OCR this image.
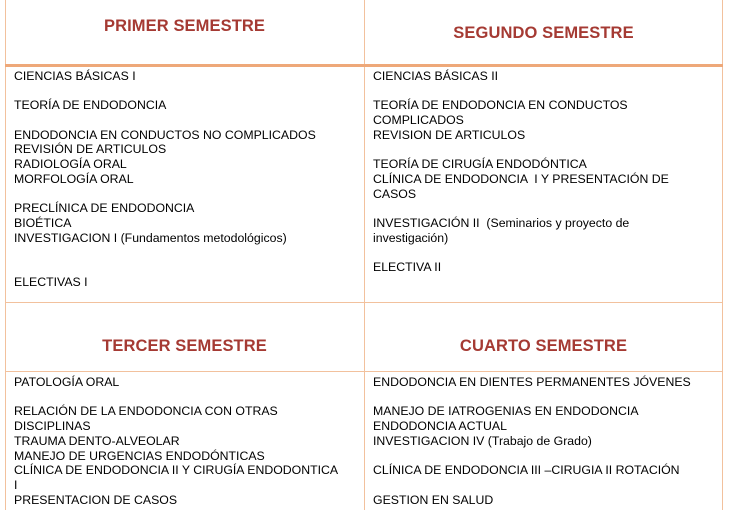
PRIMER SEMESTRE	SEGUNDO SEMESTRE
TERCER SEMESTRE	CUARTO SEMESTRE
CIENCIAS BÁSICAS I
TEORÍA DE ENDODONCIA
ENDODONCIA EN CONDUCTOS NO COMPLICADOS
REVISIÓN DE ARTICULOS
RADIOLOGÍA ORAL
MORFOLOGÍA ORAL
PRECLÍNICA DE ENDODONCIA
BIOÉTICA
INVESTIGACION I (Fundamentos metodológicos)
ELECTIVAS I
CIENCIAS BÁSICAS II
TEORÍA DE ENDODONCIA EN CONDUCTOS
COMPLICADOS
REVISION DE ARTICULOS
TEORÍA DE CIRUGÍA ENDODÓNTICA
CLÍNICA DE ENDODONCIA  I Y PRESENTACIÓN DE
CASOS
INVESTIGACIÓN II  (Seminarios y proyecto de
investigación)
ELECTIVA II
PATOLOGÍA ORAL
RELACIÓN DE LA ENDODONCIA CON OTRAS
DISCIPLINAS
TRAUMA DENTO-ALVEOLAR
MANEJO DE URGENCIAS ENDODÓNTICAS
CLÍNICA DE ENDODONCIA II Y CIRUGÍA ENDODONTICA
I
PRESENTACION DE CASOS
ENDODONCIA EN DIENTES PERMANENTES JÓVENES
MANEJO DE IATROGENIAS EN ENDODONCIA
ENDODONCIA ACTUAL
INVESTIGACION IV (Trabajo de Grado)
CLÍNICA DE ENDODONCIA III –CIRUGIA II ROTACIÓN
GESTION EN SALUD
